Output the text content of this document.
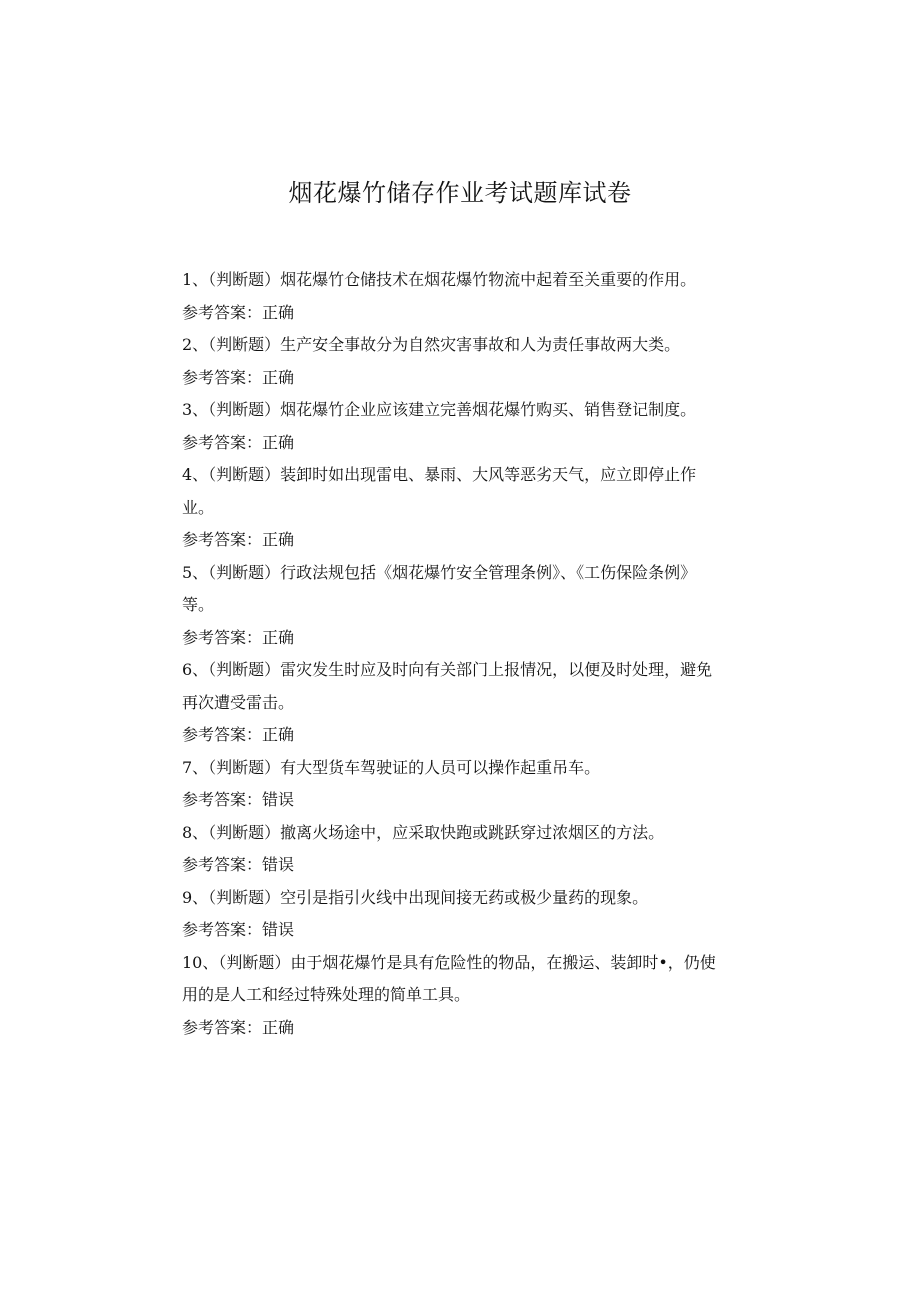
烟花爆竹储存作业考试题库试卷
1、（判断题）烟花爆竹仓储技术在烟花爆竹物流中起着至关重要的作用。
参考答案：正确
2、（判断题）生产安全事故分为自然灾害事故和人为责任事故两大类。
参考答案：正确
3、（判断题）烟花爆竹企业应该建立完善烟花爆竹购买、销售登记制度。
参考答案：正确
4、（判断题）装卸时如出现雷电、暴雨、大风等恶劣天气，应立即停止作业。
参考答案：正确
5、（判断题）行政法规包括《烟花爆竹安全管理条例》、《工伤保险条例》等。
参考答案：正确
6、（判断题）雷灾发生时应及时向有关部门上报情况，以便及时处理，避免再次遭受雷击。
参考答案：正确
7、（判断题）有大型货车驾驶证的人员可以操作起重吊车。
参考答案：错误
8、（判断题）撤离火场途中，应采取快跑或跳跃穿过浓烟区的方法。
参考答案：错误
9、（判断题）空引是指引火线中出现间接无药或极少量药的现象。
参考答案：错误
10、（判断题）由于烟花爆竹是具有危险性的物品，在搬运、装卸时•，仍使用的是人工和经过特殊处理的简单工具。
参考答案：正确
